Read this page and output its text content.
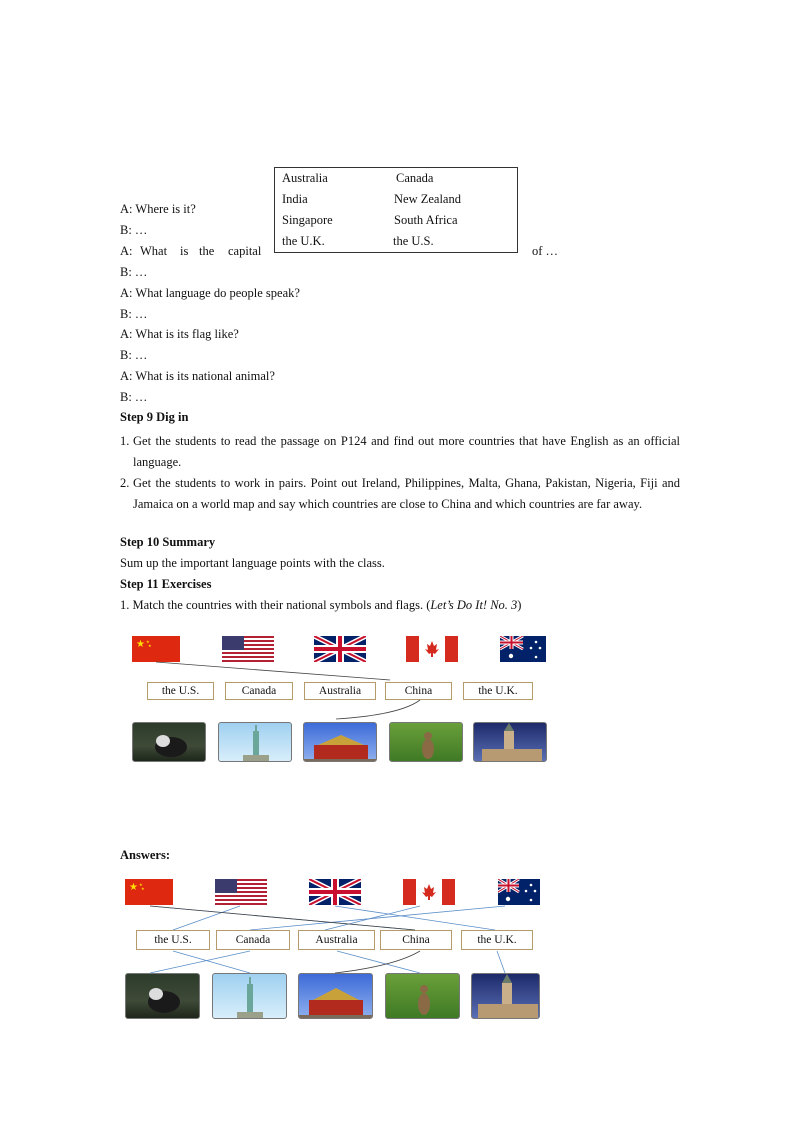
Australia	Canada
India	New Zealand
Singapore	South Africa
the U.K.	the U.S.
A: Where is it?
B: …
A: What is the capital	of …
B: …
A: What language do people speak?
B: …
A: What is its flag like?
B: …
A: What is its national animal?
B: …
Step 9 Dig in
1. Get the students to read the passage on P124 and find out more countries that have English as an official language.
2. Get the students to work in pairs. Point out Ireland, Philippines, Malta, Ghana, Pakistan, Nigeria, Fiji and Jamaica on a world map and say which countries are close to China and which countries are far away.
Step 10 Summary
Sum up the important language points with the class.
Step 11 Exercises
1. Match the countries with their national symbols and flags. (Let’s Do It! No. 3)
★ ★
★
the U.S.	Canada	Australia	China	the U.K.
Answers:
★ ★
★
the U.S.	Canada	Australia	China	the U.K.
